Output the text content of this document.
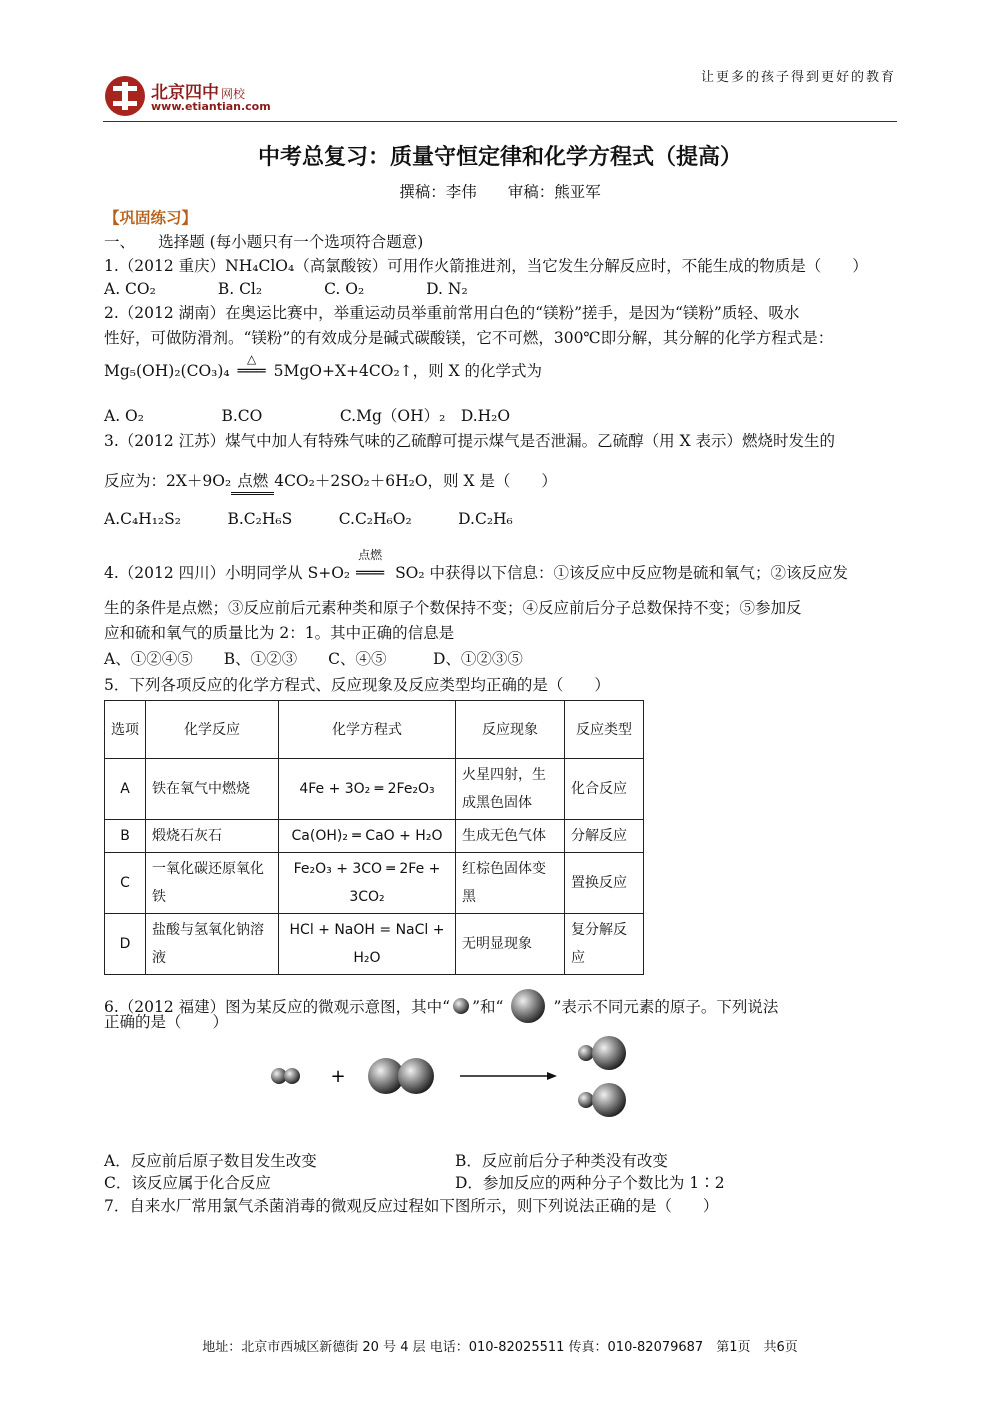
北京四中 网校
www.etiantian.com
让更多的孩子得到更好的教育
中考总复习：质量守恒定律和化学方程式（提高）
撰稿：李伟　　审稿：熊亚军
【巩固练习】
一、　　选择题 (每小题只有一个选项符合题意)
1.（2012 重庆）NH₄ClO₄（高氯酸铵）可用作火箭推进剂，当它发生分解反应时，不能生成的物质是（　　）
A. CO₂　　　　B. Cl₂　　　　C. O₂　　　　D. N₂
2.（2012 湖南）在奥运比赛中，举重运动员举重前常用白色的“镁粉”搓手，是因为“镁粉”质轻、吸水
性好，可做防滑剂。“镁粉”的有效成分是碱式碳酸镁，它不可燃，300℃即分解，其分解的化学方程式是：
Mg₅(OH)₂(CO₃)₄
△
═══ 5MgO+X+4CO₂↑，则 X 的化学式为
A. O₂　　　　　B.CO　　　　　C.Mg（OH）₂　D.H₂O
3.（2012 江苏）煤气中加人有特殊气味的乙硫醇可提示煤气是否泄漏。乙硫醇（用 X 表示）燃烧时发生的
反应为：2X＋9O₂ 点燃 4CO₂＋2SO₂＋6H₂O，则 X 是（　　）
A.C₄H₁₂S₂　　　B.C₂H₆S　　　C.C₂H₆O₂　　　D.C₂H₆
4.（2012 四川）小明同学从 S+O₂
点燃
═══ SO₂ 中获得以下信息：①该反应中反应物是硫和氧气；②该反应发
生的条件是点燃；③反应前后元素种类和原子个数保持不变；④反应前后分子总数保持不变；⑤参加反
应和硫和氧气的质量比为 2：1。其中正确的信息是
A、①②④⑤　　B、①②③　　C、④⑤　　　D、①②③⑤
5．下列各项反应的化学方程式、反应现象及反应类型均正确的是（　　）
选项	化学反应	化学方程式	反应现象	反应类型
A	铁在氧气中燃烧	4Fe + 3O₂ ═ 2Fe₂O₃	火星四射，生成黑色固体	化合反应
B	煅烧石灰石	Ca(OH)₂ ═ CaO + H₂O	生成无色气体	分解反应
C	一氧化碳还原氧化铁	Fe₂O₃ + 3CO ═ 2Fe + 3CO₂	红棕色固体变黑	置换反应
D	盐酸与氢氧化钠溶液	HCl + NaOH = NaCl + H₂O	无明显现象	复分解反应
6.（2012 福建）图为某反应的微观示意图，其中“ ”和“	”表示不同元素的原子。下列说法
正确的是（　　）
+
A．反应前后原子数目发生改变	B．反应前后分子种类没有改变
C．该反应属于化合反应	D．参加反应的两种分子个数比为 1∶2
7．自来水厂常用氯气杀菌消毒的微观反应过程如下图所示，则下列说法正确的是（　　）
地址：北京市西城区新德街 20 号 4 层 电话：010-82025511 传真：010-82079687　第1页　共6页
